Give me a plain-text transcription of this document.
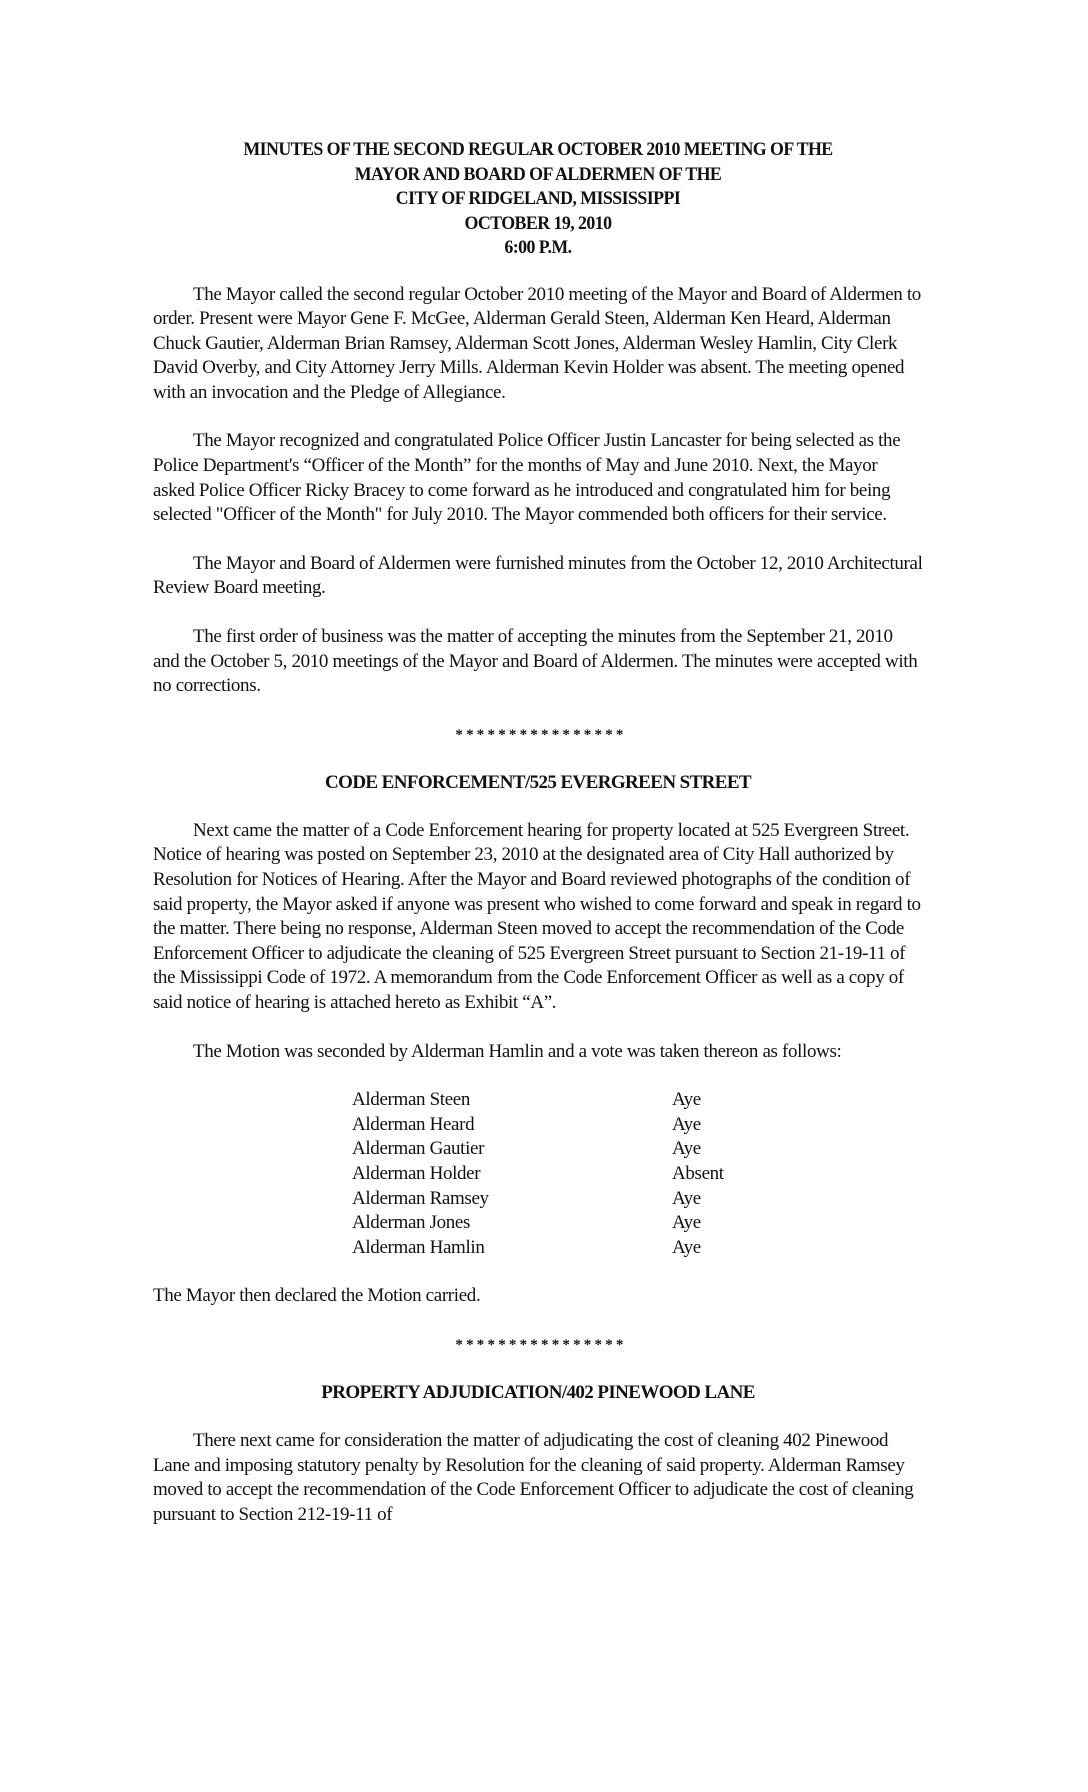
MINUTES OF THE SECOND REGULAR OCTOBER 2010 MEETING OF THE
MAYOR AND BOARD OF ALDERMEN OF THE
CITY OF RIDGELAND, MISSISSIPPI
OCTOBER 19, 2010
6:00 P.M.

The Mayor called the second regular October 2010 meeting of the Mayor and Board of Aldermen to order. Present were Mayor Gene F. McGee, Alderman Gerald Steen, Alderman Ken Heard, Alderman Chuck Gautier, Alderman Brian Ramsey, Alderman Scott Jones, Alderman Wesley Hamlin, City Clerk David Overby, and City Attorney Jerry Mills. Alderman Kevin Holder was absent. The meeting opened with an invocation and the Pledge of Allegiance.

The Mayor recognized and congratulated Police Officer Justin Lancaster for being selected as the Police Department's “Officer of the Month” for the months of May and June 2010. Next, the Mayor asked Police Officer Ricky Bracey to come forward as he introduced and congratulated him for being selected "Officer of the Month" for July 2010. The Mayor commended both officers for their service.

The Mayor and Board of Aldermen were furnished minutes from the October 12, 2010 Architectural Review Board meeting.

The first order of business was the matter of accepting the minutes from the September 21, 2010 and the October 5, 2010 meetings of the Mayor and Board of Aldermen. The minutes were accepted with no corrections.

****************
CODE ENFORCEMENT/525 EVERGREEN STREET

Next came the matter of a Code Enforcement hearing for property located at 525 Evergreen Street. Notice of hearing was posted on September 23, 2010 at the designated area of City Hall authorized by Resolution for Notices of Hearing. After the Mayor and Board reviewed photographs of the condition of said property, the Mayor asked if anyone was present who wished to come forward and speak in regard to the matter. There being no response, Alderman Steen moved to accept the recommendation of the Code Enforcement Officer to adjudicate the cleaning of 525 Evergreen Street pursuant to Section 21-19-11 of the Mississippi Code of 1972. A memorandum from the Code Enforcement Officer as well as a copy of said notice of hearing is attached hereto as Exhibit “A”.

The Motion was seconded by Alderman Hamlin and a vote was taken thereon as follows:

Alderman Steen	Aye
Alderman Heard	Aye
Alderman Gautier	Aye
Alderman Holder	Absent
Alderman Ramsey	Aye
Alderman Jones	Aye
Alderman Hamlin	Aye

The Mayor then declared the Motion carried.

****************
PROPERTY ADJUDICATION/402 PINEWOOD LANE

There next came for consideration the matter of adjudicating the cost of cleaning 402 Pinewood Lane and imposing statutory penalty by Resolution for the cleaning of said property. Alderman Ramsey moved to accept the recommendation of the Code Enforcement Officer to adjudicate the cost of cleaning pursuant to Section 212-19-11 of
